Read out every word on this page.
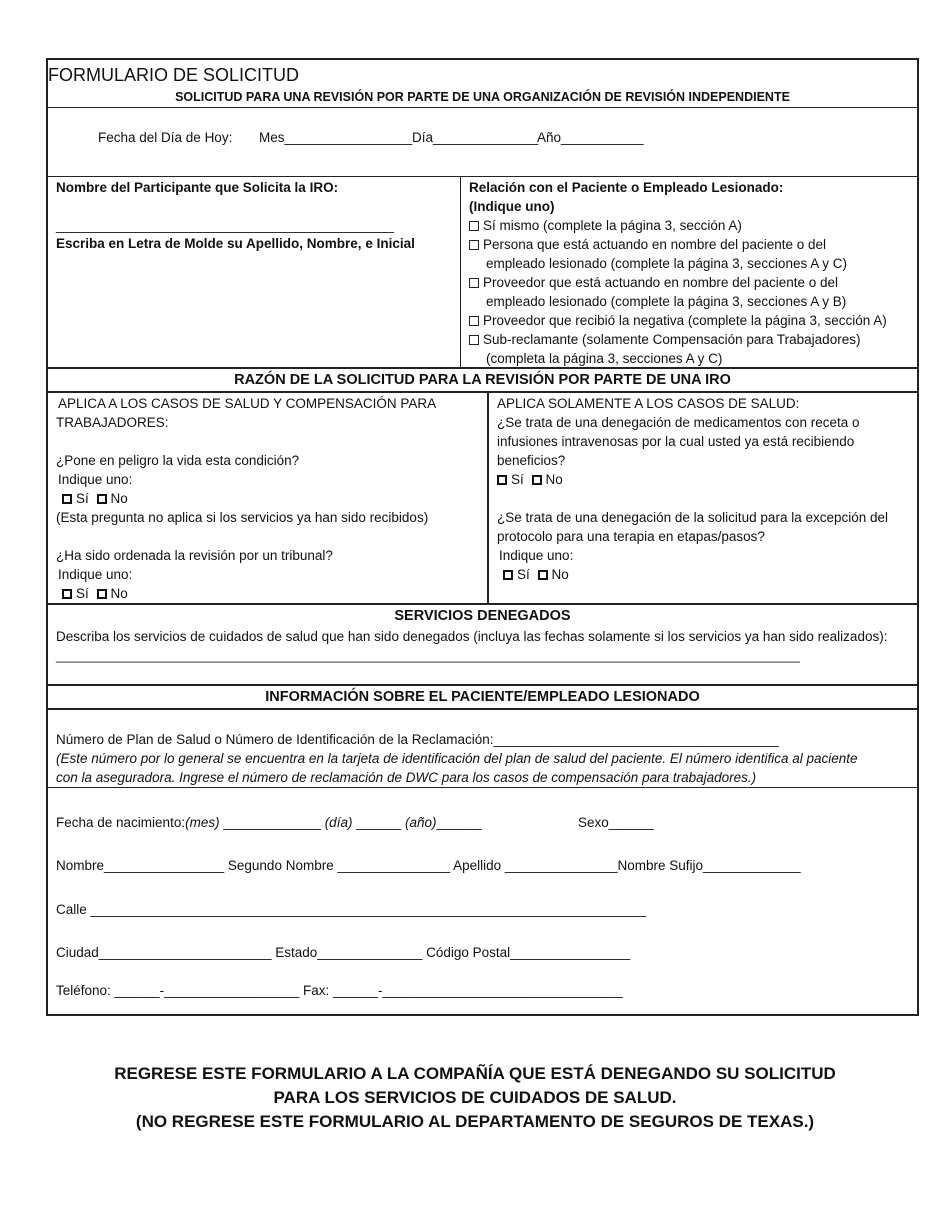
FORMULARIO DE SOLICITUD
SOLICITUD PARA UNA REVISIÓN POR PARTE DE UNA ORGANIZACIÓN DE REVISIÓN INDEPENDIENTE
Fecha del Día de Hoy: Mes_________________ Día______________
Año___________
Nombre del Participante que Solicita la IRO:
_____________________________________________
Escriba en Letra de Molde su Apellido, Nombre, e Inicial
Relación con el Paciente o Empleado Lesionado:
(Indique uno)
Sí mismo (complete la página 3, sección A)
Persona que está actuando en nombre del paciente o del
empleado lesionado (complete la página 3, secciones A y C)
Proveedor que está actuando en nombre del paciente o del
empleado lesionado (complete la página 3, secciones A y B)
Proveedor que recibió la negativa (complete la página 3, sección A)
Sub-reclamante (solamente Compensación para Trabajadores)
(completa la página 3, secciones A y C)
RAZÓN DE LA SOLICITUD PARA LA REVISIÓN POR PARTE DE UNA IRO
APLICA A LOS CASOS DE SALUD Y COMPENSACIÓN PARA
TRABAJADORES:
¿Pone en peligro la vida esta condición?
Indique uno:
Sí No
(Esta pregunta no aplica si los servicios ya han sido recibidos)
¿Ha sido ordenada la revisión por un tribunal?
Indique uno:
Sí No
APLICA SOLAMENTE A LOS CASOS DE SALUD:
¿Se trata de una denegación de medicamentos con receta o
infusiones intravenosas por la cual usted ya está recibiendo
beneficios?
Sí No
¿Se trata de una denegación de la solicitud para la excepción del
protocolo para una terapia en etapas/pasos?
Indique uno:
Sí No
SERVICIOS DENEGADOS
Describa los servicios de cuidados de salud que han sido denegados (incluya las fechas solamente si los servicios ya han sido realizados):
___________________________________________________________________________________________________________
INFORMACIÓN SOBRE EL PACIENTE/EMPLEADO LESIONADO
Número de Plan de Salud o Número de Identificación de la Reclamación:______________________________________
(Este número por lo general se encuentra en la tarjeta de identificación del plan de salud del paciente. El número identifica al paciente
con la aseguradora. Ingrese el número de reclamación de DWC para los casos de compensación para trabajadores.)
Fecha de nacimiento:(mes) _____________ (día) ______ (año)______	Sexo______
Nombre________________ Segundo Nombre _______________ Apellido _______________Nombre Sufijo_____________
Calle __________________________________________________________________________
Ciudad_______________________ Estado______________ Código Postal________________
Teléfono: ______-__________________ Fax: ______-________________________________
REGRESE ESTE FORMULARIO A LA COMPAÑÍA QUE ESTÁ DENEGANDO SU SOLICITUD
PARA LOS SERVICIOS DE CUIDADOS DE SALUD.
(NO REGRESE ESTE FORMULARIO AL DEPARTAMENTO DE SEGUROS DE TEXAS.)
